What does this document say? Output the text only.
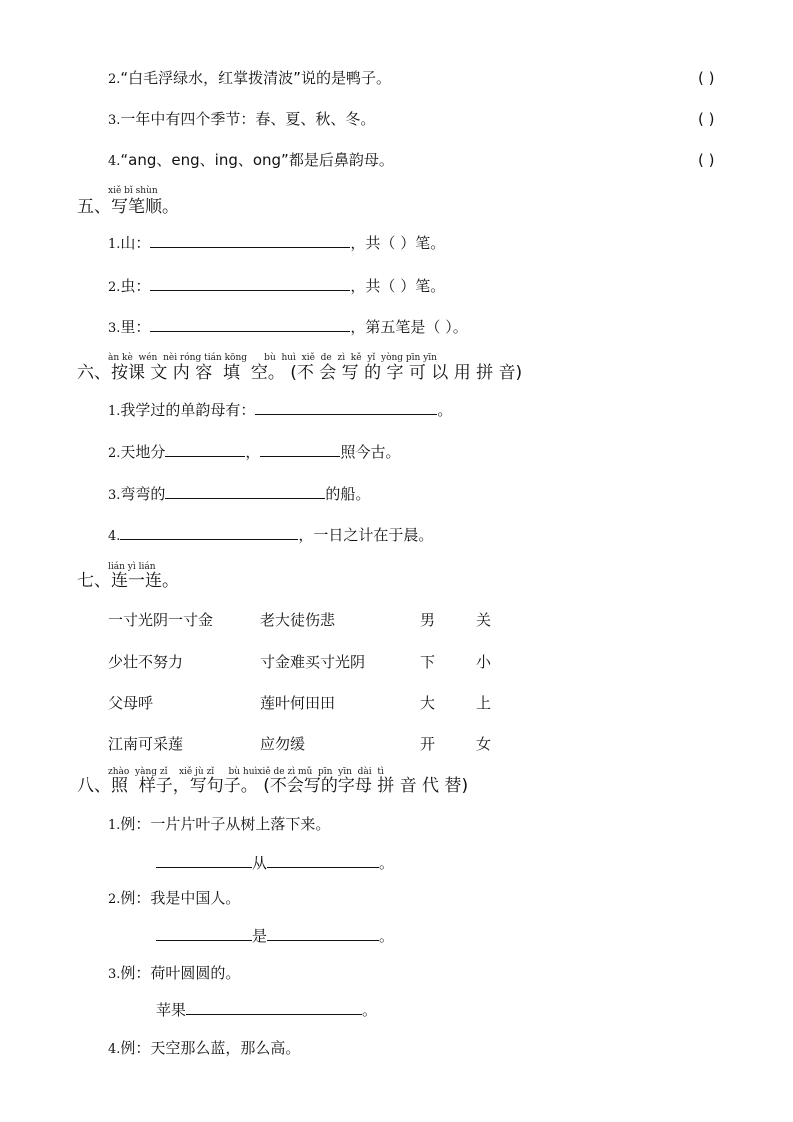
2.“白毛浮绿水，红掌拨清波”说的是鸭子。	( )
3.一年中有四个季节：春、夏、秋、冬。	( )
4.“ang、eng、ing、ong”都是后鼻韵母。	( )
xiě bǐ shùn
五、写笔顺。
1.山：	，共（ ）笔。
2.虫：	，共（ ）笔。
3.里：	，第五笔是（ ）。
àn kè  wén  nèi róng tián kōng      bù  huì  xiě  de  zì  kě  yǐ  yòng pīn yīn
六、按课 文 内 容  填  空。 (不 会 写 的 字 可 以 用 拼 音)
1.我学过的单韵母有：	。
2.天地分	，	照今古。
3.弯弯的	的船。
4.	，一日之计在于晨。
lián yì lián
七、连一连。
一寸光阴一寸金	老大徒伤悲	男	关
少壮不努力	寸金难买寸光阴	下	小
父母呼	莲叶何田田	大	上
江南可采莲	应勿缓	开	女
zhào  yàng zǐ    xiě jù zǐ     bù huìxiě de zì mǔ  pīn  yīn  dài  tì
八、照  样子，写句子。 (不会写的字母 拼 音 代 替)
1.例：一片片叶子从树上落下来。
从	。
2.例：我是中国人。
是	。
3.例：荷叶圆圆的。
苹果	。
4.例：天空那么蓝，那么高。
